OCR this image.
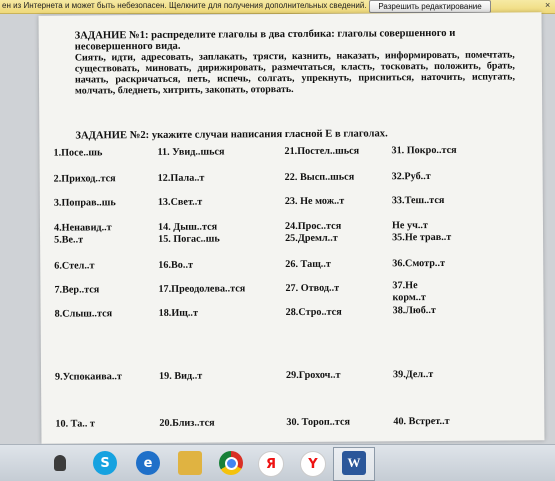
ен из Интернета и может быть небезопасен. Щелкните для получения дополнительных сведений.	Разрешить редактирование	×
ЗАДАНИЕ №1: распределите глаголы в два столбика: глаголы совершенного и несовершенного вида.
Сиять, идти, адресовать, заплакать, трясти, казнить, наказать, информировать, помечтать, существовать, миновать, дирижировать, размечтаться, класть, тосковать, положить, брать, начать, раскричаться, петь, испечь, солгать, упрекнуть, присниться, наточить, испугать, молчать, бледнеть, хитрить, закопать, оторвать.
ЗАДАНИЕ №2: укажите случаи написания гласной Е в глаголах.
1.Посе..шь
2.Приход..тся
3.Поправ..шь
4.Ненавид..т
5.Ве..т
6.Стел..т
7.Вер..тся
8.Слыш..тся
9.Успокаива..т
10. Та.. т
11. Увид..шься
12.Пала..т
13.Свет..т
14. Дыш..тся
15. Погас..шь
16.Во..т
17.Преодолева..тся
18.Ищ..т
19. Вид..т
20.Близ..тся
21.Постел..шься
22. Высп..шься
23. Не мож..т
24.Прос..тся
25.Дремл..т
26. Тащ..т
27. Отвод..т
28.Стро..тся
29.Грохоч..т
30. Тороп..тся
31. Покро..тся
32.Руб..т
33.Теш..тся
Не уч..т
35.Не трав..т
36.Смотр..т
37.Не
корм..т
38.Люб..т
39.Дел..т
40. Встрет..т
S	e	Я	Y	W
